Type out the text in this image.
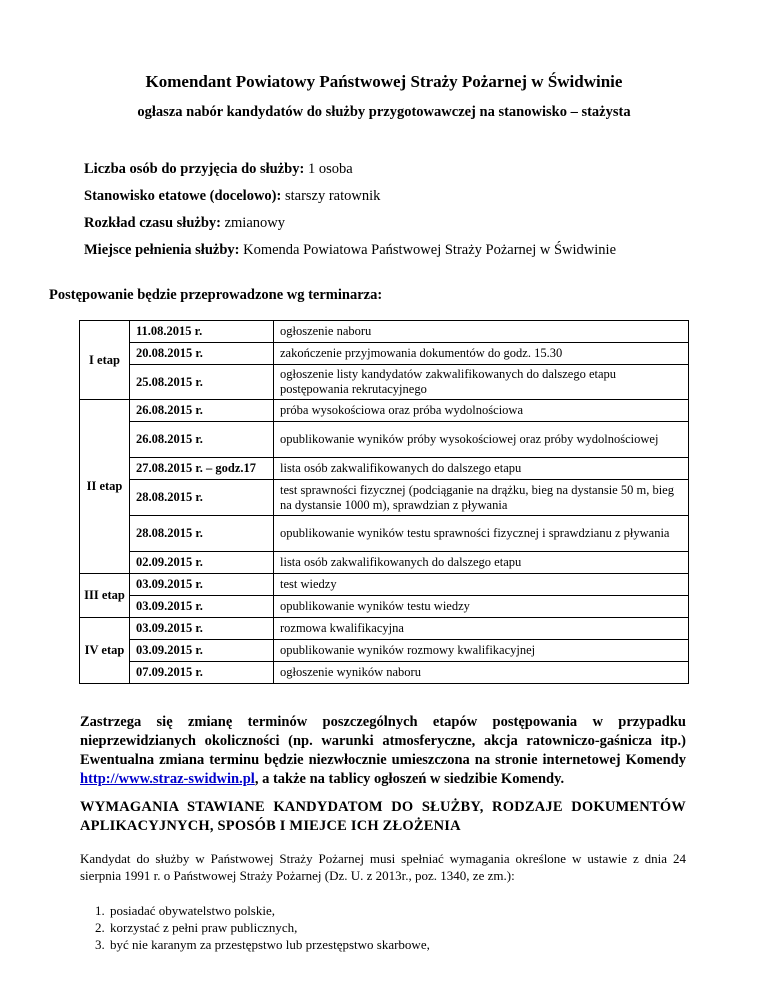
Komendant Powiatowy Państwowej Straży Pożarnej w Świdwinie
ogłasza nabór kandydatów do służby przygotowawczej na stanowisko – stażysta
Liczba osób do przyjęcia do służby: 1 osoba
Stanowisko etatowe (docelowo): starszy ratownik
Rozkład czasu służby: zmianowy
Miejsce pełnienia służby: Komenda Powiatowa Państwowej Straży Pożarnej w Świdwinie
Postępowanie będzie przeprowadzone wg terminarza:
I etap	11.08.2015 r.	ogłoszenie naboru
	20.08.2015 r.	zakończenie przyjmowania dokumentów do godz. 15.30
	25.08.2015 r.	ogłoszenie listy kandydatów zakwalifikowanych do dalszego etapu postępowania rekrutacyjnego
II etap	26.08.2015 r.	próba wysokościowa oraz próba wydolnościowa
	26.08.2015 r.	opublikowanie wyników próby wysokościowej oraz próby wydolnościowej
	27.08.2015 r. – godz.17	lista osób zakwalifikowanych do dalszego etapu
	28.08.2015 r.	test sprawności fizycznej (podciąganie na drążku, bieg na dystansie 50 m, bieg na dystansie 1000 m), sprawdzian z pływania
	28.08.2015 r.	opublikowanie wyników testu sprawności fizycznej i sprawdzianu z pływania
	02.09.2015 r.	lista osób zakwalifikowanych do dalszego etapu
III etap	03.09.2015 r.	test wiedzy
	03.09.2015 r.	opublikowanie wyników testu wiedzy
IV etap	03.09.2015 r.	rozmowa kwalifikacyjna
	03.09.2015 r.	opublikowanie wyników rozmowy kwalifikacyjnej
	07.09.2015 r.	ogłoszenie wyników naboru
Zastrzega się zmianę terminów poszczególnych etapów postępowania w przypadku nieprzewidzianych okoliczności (np. warunki atmosferyczne, akcja ratowniczo-gaśnicza itp.) Ewentualna zmiana terminu będzie niezwłocznie umieszczona na stronie internetowej Komendy http://www.straz-swidwin.pl, a także na tablicy ogłoszeń w siedzibie Komendy.
WYMAGANIA STAWIANE KANDYDATOM DO SŁUŻBY, RODZAJE DOKUMENTÓW APLIKACYJNYCH, SPOSÓB I MIEJCE ICH ZŁOŻENIA
Kandydat do służby w Państwowej Straży Pożarnej musi spełniać wymagania określone w ustawie z dnia 24 sierpnia 1991 r. o Państwowej Straży Pożarnej (Dz. U. z 2013r., poz. 1340, ze zm.):
1. posiadać obywatelstwo polskie,
2. korzystać z pełni praw publicznych,
3. być nie karanym za przestępstwo lub przestępstwo skarbowe,
